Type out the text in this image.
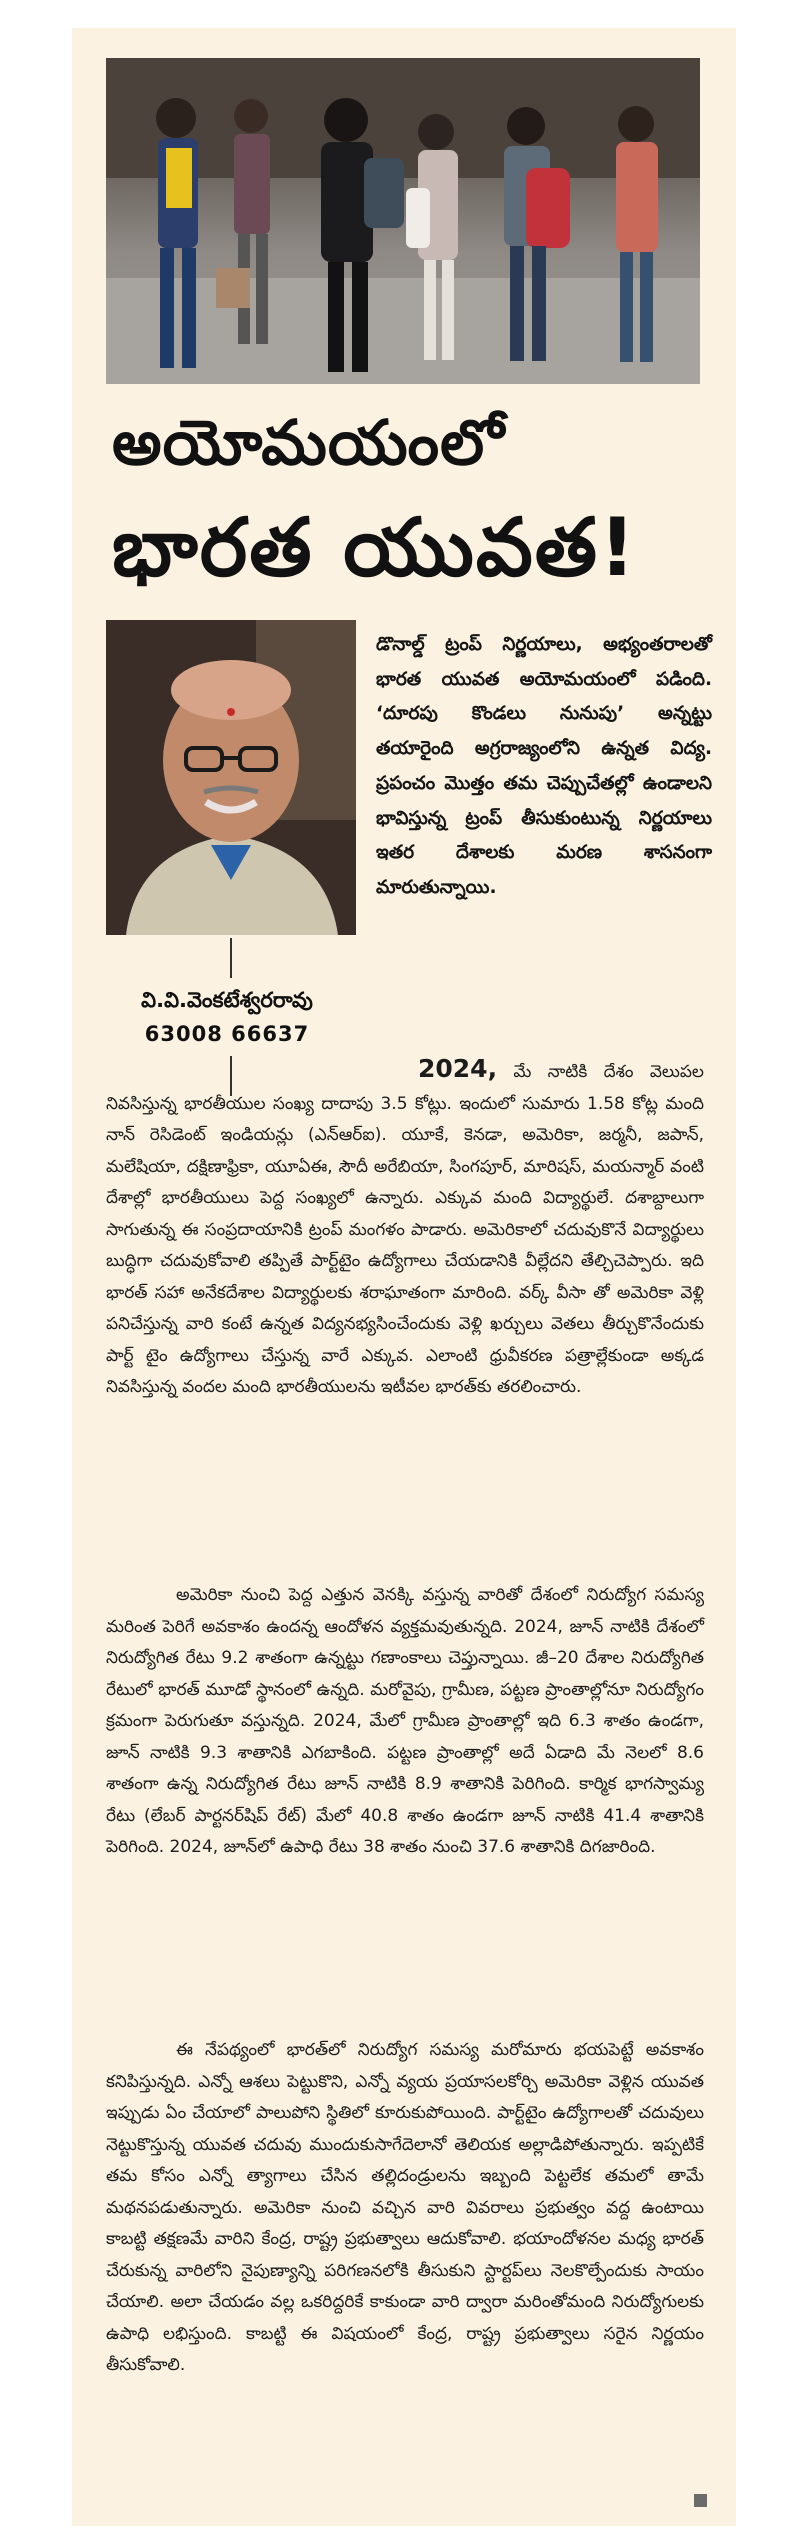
అయోమయంలో
భారత యువత!
వి.వి.వెంకటేశ్వరరావు
63008 66637
డొనాల్డ్ ట్రంప్ నిర్ణయాలు, అభ్యంతరాలతో భారత యువత అయోమయంలో పడింది. ‘దూరపు కొండలు నునుపు’ అన్నట్టు తయారైంది అగ్రరాజ్యంలోని ఉన్నత విద్య. ప్రపంచం మొత్తం తమ చెప్పుచేతల్లో ఉండాలని భావిస్తున్న ట్రంప్ తీసుకుంటున్న నిర్ణయాలు ఇతర దేశాలకు మరణ శాసనంగా మారుతున్నాయి.
2024, మే నాటికి దేశం వెలుపల నివసిస్తున్న భారతీయుల సంఖ్య దాదాపు 3.5 కోట్లు. ఇందులో సుమారు 1.58 కోట్ల మంది నాన్ రెసిడెంట్ ఇండియన్లు (ఎన్ఆర్ఐ). యూకే, కెనడా, అమెరికా, జర్మనీ, జపాన్, మలేషియా, దక్షిణాఫ్రికా, యూఏఈ, సౌదీ అరేబియా, సింగపూర్, మారిషస్, మయన్మార్ వంటి దేశాల్లో భారతీయులు పెద్ద సంఖ్యలో ఉన్నారు. ఎక్కువ మంది విద్యార్థులే. దశాబ్దాలుగా సాగుతున్న ఈ సంప్రదాయానికి ట్రంప్ మంగళం పాడారు. అమెరికాలో చదువుకొనే విద్యార్థులు బుద్ధిగా చదువుకోవాలి తప్పితే పార్ట్‌టైం ఉద్యోగాలు చేయడానికి వీల్లేదని తేల్చిచెప్పారు. ఇది భారత్ సహా అనేకదేశాల విద్యార్థులకు శరాఘాతంగా మారింది. వర్క్ వీసా తో అమెరికా వెళ్లి పనిచేస్తున్న వారి కంటే ఉన్నత విద్యనభ్యసించేందుకు వెళ్లి ఖర్చులు వెతలు తీర్చుకొనేందుకు పార్ట్ టైం ఉద్యోగాలు చేస్తున్న వారే ఎక్కువ. ఎలాంటి ధ్రువీకరణ పత్రాల్లేకుండా అక్కడ నివసిస్తున్న వందల మంది భారతీయులను ఇటీవల భారత్‌కు తరలించారు.
అమెరికా నుంచి పెద్ద ఎత్తున వెనక్కి వస్తున్న వారితో దేశంలో నిరుద్యోగ సమస్య మరింత పెరిగే అవకాశం ఉందన్న ఆందోళన వ్యక్తమవుతున్నది. 2024, జూన్ నాటికి దేశంలో నిరుద్యోగిత రేటు 9.2 శాతంగా ఉన్నట్టు గణాంకాలు చెప్తున్నాయి. జీ–20 దేశాల నిరుద్యోగిత రేటులో భారత్ మూడో స్థానంలో ఉన్నది. మరోవైపు, గ్రామీణ, పట్టణ ప్రాంతాల్లోనూ నిరుద్యోగం క్రమంగా పెరుగుతూ వస్తున్నది. 2024, మేలో గ్రామీణ ప్రాంతాల్లో ఇది 6.3 శాతం ఉండగా, జూన్ నాటికి 9.3 శాతానికి ఎగబాకింది. పట్టణ ప్రాంతాల్లో అదే ఏడాది మే నెలలో 8.6 శాతంగా ఉన్న నిరుద్యోగిత రేటు జూన్ నాటికి 8.9 శాతానికి పెరిగింది. కార్మిక భాగస్వామ్య రేటు (లేబర్ పార్టనర్‌షిప్ రేట్) మేలో 40.8 శాతం ఉండగా జూన్ నాటికి 41.4 శాతానికి పెరిగింది. 2024, జూన్‌లో ఉపాధి రేటు 38 శాతం నుంచి 37.6 శాతానికి దిగజారింది.
ఈ నేపథ్యంలో భారత్‌లో నిరుద్యోగ సమస్య మరోమారు భయపెట్టే అవకాశం కనిపిస్తున్నది. ఎన్నో ఆశలు పెట్టుకొని, ఎన్నో వ్యయ ప్రయాసలకోర్చి అమెరికా వెళ్లిన యువత ఇప్పుడు ఏం చేయాలో పాలుపోని స్థితిలో కూరుకుపోయింది. పార్ట్‌టైం ఉద్యోగాలతో చదువులు నెట్టుకొస్తున్న యువత చదువు ముందుకుసాగేదెలానో తెలియక అల్లాడిపోతున్నారు. ఇప్పటికే తమ కోసం ఎన్నో త్యాగాలు చేసిన తల్లిదండ్రులను ఇబ్బంది పెట్టలేక తమలో తామే మథనపడుతున్నారు. అమెరికా నుంచి వచ్చిన వారి వివరాలు ప్రభుత్వం వద్ద ఉంటాయి కాబట్టి తక్షణమే వారిని కేంద్ర, రాష్ట్ర ప్రభుత్వాలు ఆదుకోవాలి. భయాందోళనల మధ్య భారత్ చేరుకున్న వారిలోని నైపుణ్యాన్ని పరిగణనలోకి తీసుకుని స్టార్టప్‌లు నెలకొల్పేందుకు సాయం చేయాలి. అలా చేయడం వల్ల ఒకరిద్దరికే కాకుండా వారి ద్వారా మరింతోమంది నిరుద్యోగులకు ఉపాధి లభిస్తుంది. కాబట్టి ఈ విషయంలో కేంద్ర, రాష్ట్ర ప్రభుత్వాలు సరైన నిర్ణయం తీసుకోవాలి.
